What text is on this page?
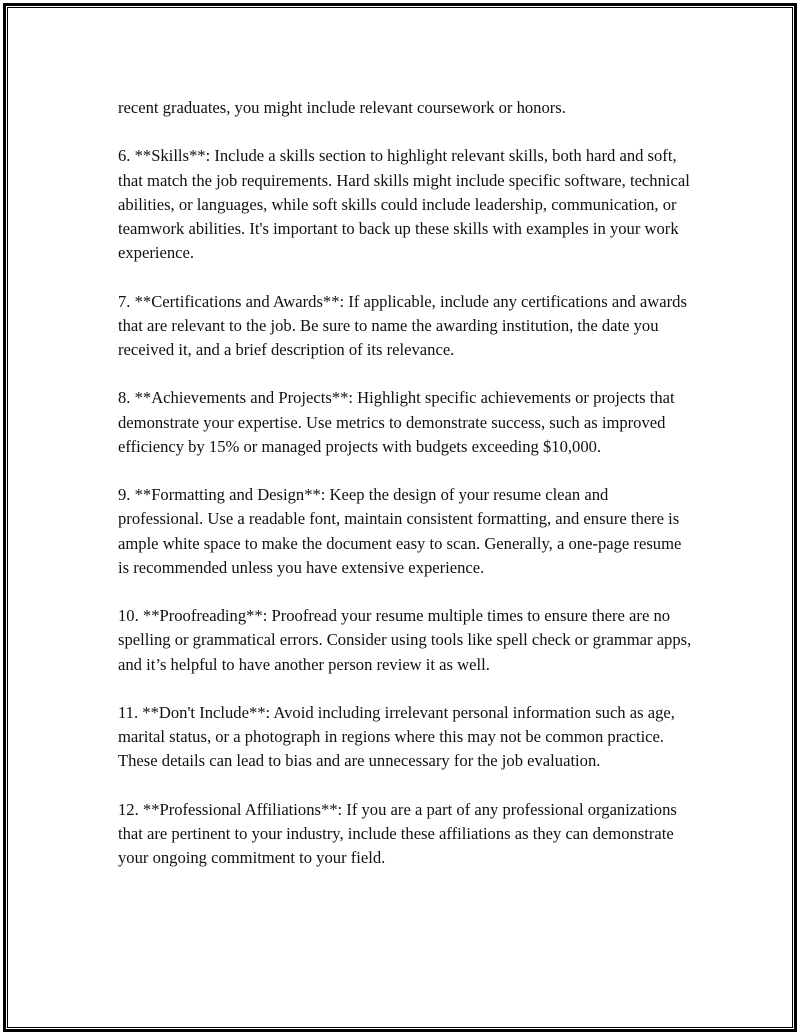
recent graduates, you might include relevant coursework or honors.

6. **Skills**: Include a skills section to highlight relevant skills, both hard and soft, that match the job requirements. Hard skills might include specific software, technical abilities, or languages, while soft skills could include leadership, communication, or teamwork abilities. It's important to back up these skills with examples in your work experience.

7. **Certifications and Awards**: If applicable, include any certifications and awards that are relevant to the job. Be sure to name the awarding institution, the date you received it, and a brief description of its relevance.

8. **Achievements and Projects**: Highlight specific achievements or projects that demonstrate your expertise. Use metrics to demonstrate success, such as improved efficiency by 15% or managed projects with budgets exceeding $10,000.

9. **Formatting and Design**: Keep the design of your resume clean and professional. Use a readable font, maintain consistent formatting, and ensure there is ample white space to make the document easy to scan. Generally, a one-page resume is recommended unless you have extensive experience.

10. **Proofreading**: Proofread your resume multiple times to ensure there are no spelling or grammatical errors. Consider using tools like spell check or grammar apps, and it’s helpful to have another person review it as well.

11. **Don't Include**: Avoid including irrelevant personal information such as age, marital status, or a photograph in regions where this may not be common practice. These details can lead to bias and are unnecessary for the job evaluation.

12. **Professional Affiliations**: If you are a part of any professional organizations that are pertinent to your industry, include these affiliations as they can demonstrate your ongoing commitment to your field.
